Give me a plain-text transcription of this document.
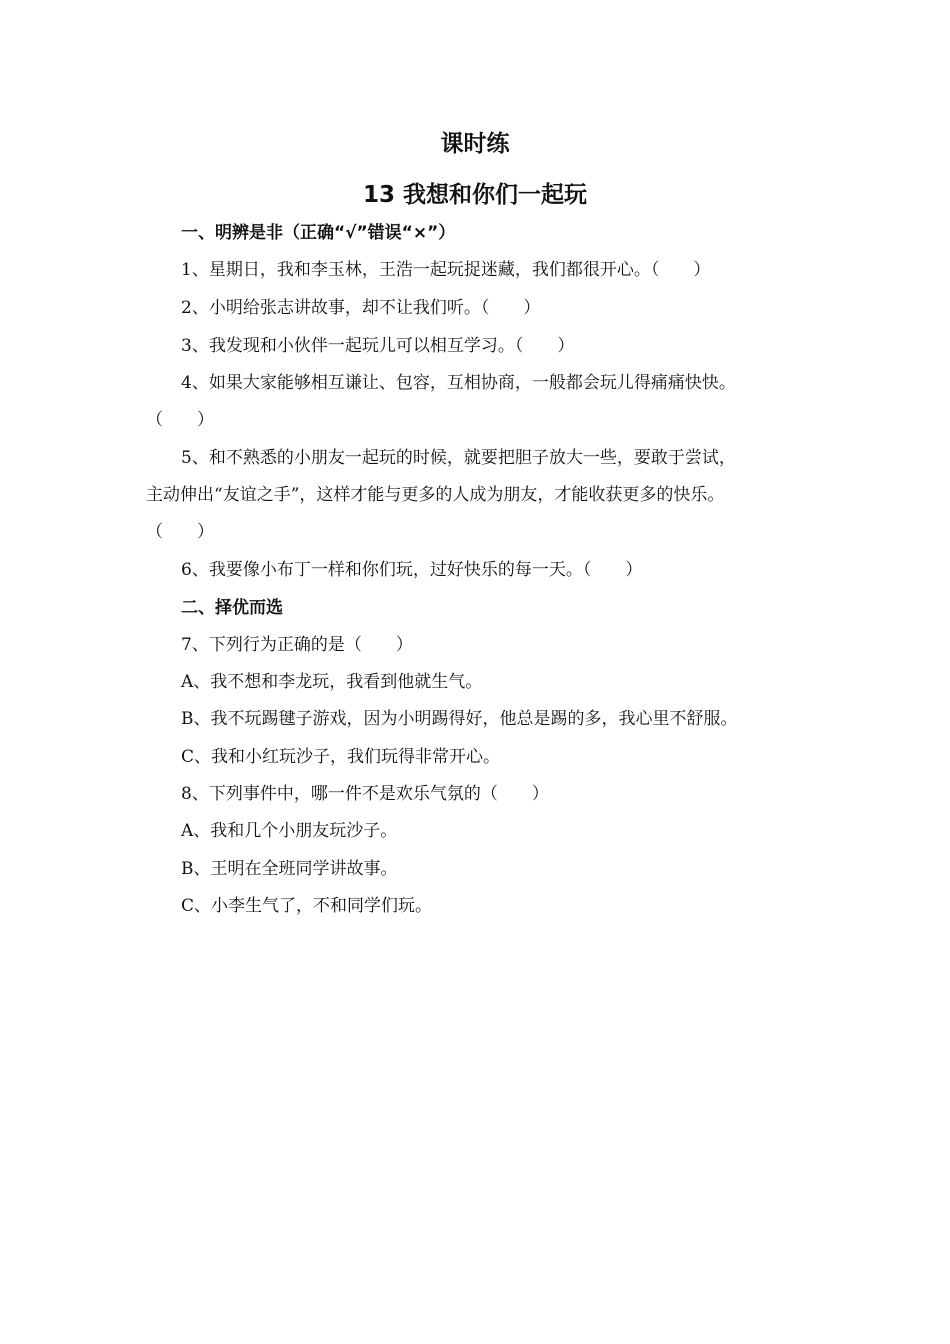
课时练
13 我想和你们一起玩
一、明辨是非（正确“√”错误“×”）
1、星期日，我和李玉林，王浩一起玩捉迷藏，我们都很开心。（　　）
2、小明给张志讲故事，却不让我们听。（　　）
3、我发现和小伙伴一起玩儿可以相互学习。（　　）
4、如果大家能够相互谦让、包容，互相协商，一般都会玩儿得痛痛快快。
（　　）
5、和不熟悉的小朋友一起玩的时候，就要把胆子放大一些，要敢于尝试，
主动伸出“友谊之手”，这样才能与更多的人成为朋友，才能收获更多的快乐。
（　　）
6、我要像小布丁一样和你们玩，过好快乐的每一天。（　　）
二、择优而选
7、下列行为正确的是（　　）
A、我不想和李龙玩，我看到他就生气。
B、我不玩踢毽子游戏，因为小明踢得好，他总是踢的多，我心里不舒服。
C、我和小红玩沙子，我们玩得非常开心。
8、下列事件中，哪一件不是欢乐气氛的（　　）
A、我和几个小朋友玩沙子。
B、王明在全班同学讲故事。
C、小李生气了，不和同学们玩。
